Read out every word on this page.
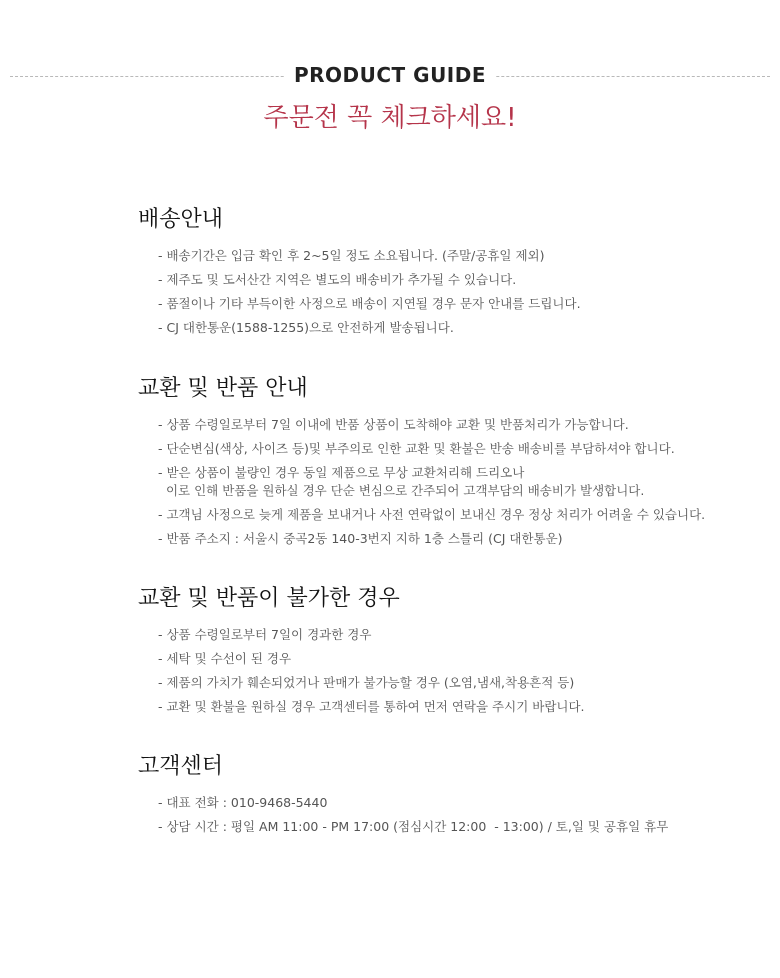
PRODUCT GUIDE
주문전 꼭 체크하세요!
배송안내
- 배송기간은 입금 확인 후 2~5일 정도 소요됩니다. (주말/공휴일 제외)
- 제주도 및 도서산간 지역은 별도의 배송비가 추가될 수 있습니다.
- 품절이나 기타 부득이한 사정으로 배송이 지연될 경우 문자 안내를 드립니다.
- CJ 대한통운(1588-1255)으로 안전하게 발송됩니다.
교환 및 반품 안내
- 상품 수령일로부터 7일 이내에 반품 상품이 도착해야 교환 및 반품처리가 가능합니다.
- 단순변심(색상, 사이즈 등)및 부주의로 인한 교환 및 환불은 반송 배송비를 부담하셔야 합니다.
- 받은 상품이 불량인 경우 동일 제품으로 무상 교환처리해 드리오나
이로 인해 반품을 원하실 경우 단순 변심으로 간주되어 고객부담의 배송비가 발생합니다.
- 고객님 사정으로 늦게 제품을 보내거나 사전 연락없이 보내신 경우 정상 처리가 어려울 수 있습니다.
- 반품 주소지 : 서울시 중곡2동 140-3번지 지하 1층 스틀리 (CJ 대한통운)
교환 및 반품이 불가한 경우
- 상품 수령일로부터 7일이 경과한 경우
- 세탁 및 수선이 된 경우
- 제품의 가치가 훼손되었거나 판매가 불가능할 경우 (오염,냄새,착용흔적 등)
- 교환 및 환불을 원하실 경우 고객센터를 통하여 먼저 연락을 주시기 바랍니다.
고객센터
- 대표 전화 : 010-9468-5440
- 상담 시간 : 평일 AM 11:00 - PM 17:00 (점심시간 12:00  - 13:00) / 토,일 및 공휴일 휴무
